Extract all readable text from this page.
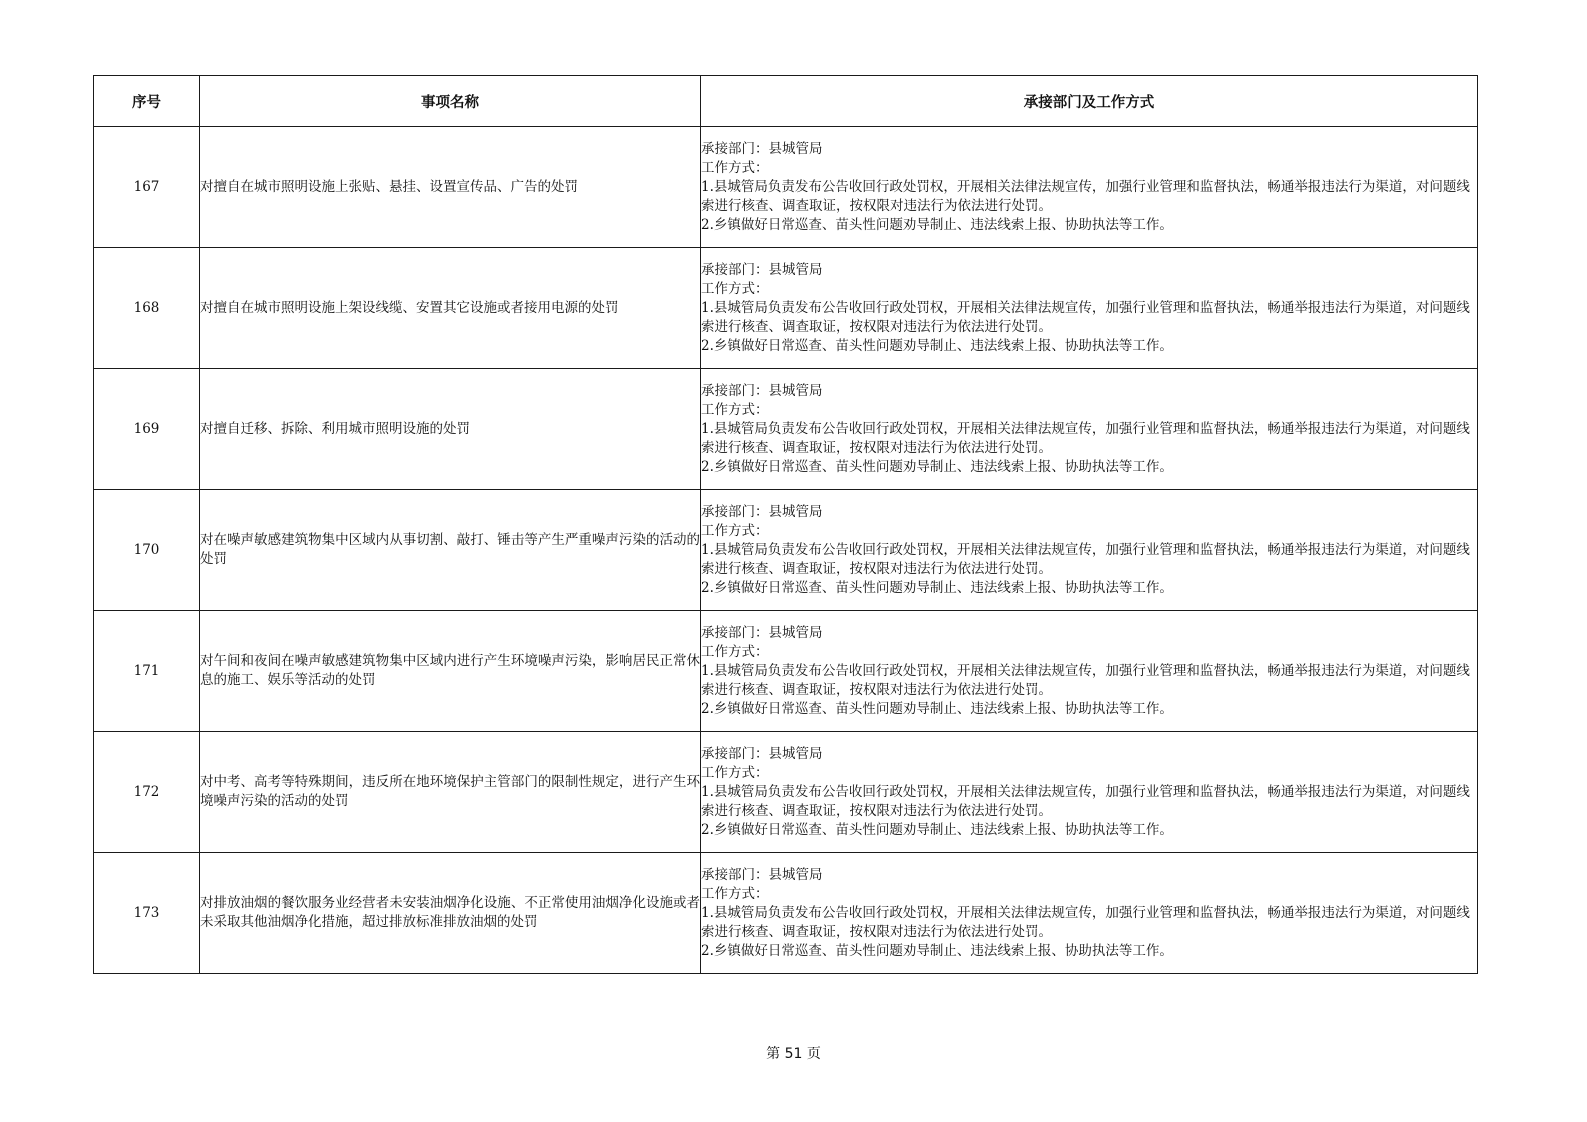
序号	事项名称	承接部门及工作方式
167	对擅自在城市照明设施上张贴、悬挂、设置宣传品、广告的处罚	承接部门：县城管局
工作方式：
1.县城管局负责发布公告收回行政处罚权，开展相关法律法规宣传，加强行业管理和监督执法，畅通举报违法行为渠道，对问题线索进行核查、调查取证，按权限对违法行为依法进行处罚。
2.乡镇做好日常巡查、苗头性问题劝导制止、违法线索上报、协助执法等工作。

168	对擅自在城市照明设施上架设线缆、安置其它设施或者接用电源的处罚	承接部门：县城管局
工作方式：
1.县城管局负责发布公告收回行政处罚权，开展相关法律法规宣传，加强行业管理和监督执法，畅通举报违法行为渠道，对问题线索进行核查、调查取证，按权限对违法行为依法进行处罚。
2.乡镇做好日常巡查、苗头性问题劝导制止、违法线索上报、协助执法等工作。

169	对擅自迁移、拆除、利用城市照明设施的处罚	承接部门：县城管局
工作方式：
1.县城管局负责发布公告收回行政处罚权，开展相关法律法规宣传，加强行业管理和监督执法，畅通举报违法行为渠道，对问题线索进行核查、调查取证，按权限对违法行为依法进行处罚。
2.乡镇做好日常巡查、苗头性问题劝导制止、违法线索上报、协助执法等工作。

170	对在噪声敏感建筑物集中区域内从事切割、敲打、锤击等产生严重噪声污染的活动的处罚	承接部门：县城管局
工作方式：
1.县城管局负责发布公告收回行政处罚权，开展相关法律法规宣传，加强行业管理和监督执法，畅通举报违法行为渠道，对问题线索进行核查、调查取证，按权限对违法行为依法进行处罚。
2.乡镇做好日常巡查、苗头性问题劝导制止、违法线索上报、协助执法等工作。

171	对午间和夜间在噪声敏感建筑物集中区域内进行产生环境噪声污染，影响居民正常休息的施工、娱乐等活动的处罚	承接部门：县城管局
工作方式：
1.县城管局负责发布公告收回行政处罚权，开展相关法律法规宣传，加强行业管理和监督执法，畅通举报违法行为渠道，对问题线索进行核查、调查取证，按权限对违法行为依法进行处罚。
2.乡镇做好日常巡查、苗头性问题劝导制止、违法线索上报、协助执法等工作。

172	对中考、高考等特殊期间，违反所在地环境保护主管部门的限制性规定，进行产生环境噪声污染的活动的处罚	承接部门：县城管局
工作方式：
1.县城管局负责发布公告收回行政处罚权，开展相关法律法规宣传，加强行业管理和监督执法，畅通举报违法行为渠道，对问题线索进行核查、调查取证，按权限对违法行为依法进行处罚。
2.乡镇做好日常巡查、苗头性问题劝导制止、违法线索上报、协助执法等工作。

173	对排放油烟的餐饮服务业经营者未安装油烟净化设施、不正常使用油烟净化设施或者未采取其他油烟净化措施，超过排放标准排放油烟的处罚	承接部门：县城管局
工作方式：
1.县城管局负责发布公告收回行政处罚权，开展相关法律法规宣传，加强行业管理和监督执法，畅通举报违法行为渠道，对问题线索进行核查、调查取证，按权限对违法行为依法进行处罚。
2.乡镇做好日常巡查、苗头性问题劝导制止、违法线索上报、协助执法等工作。
第 51 页
